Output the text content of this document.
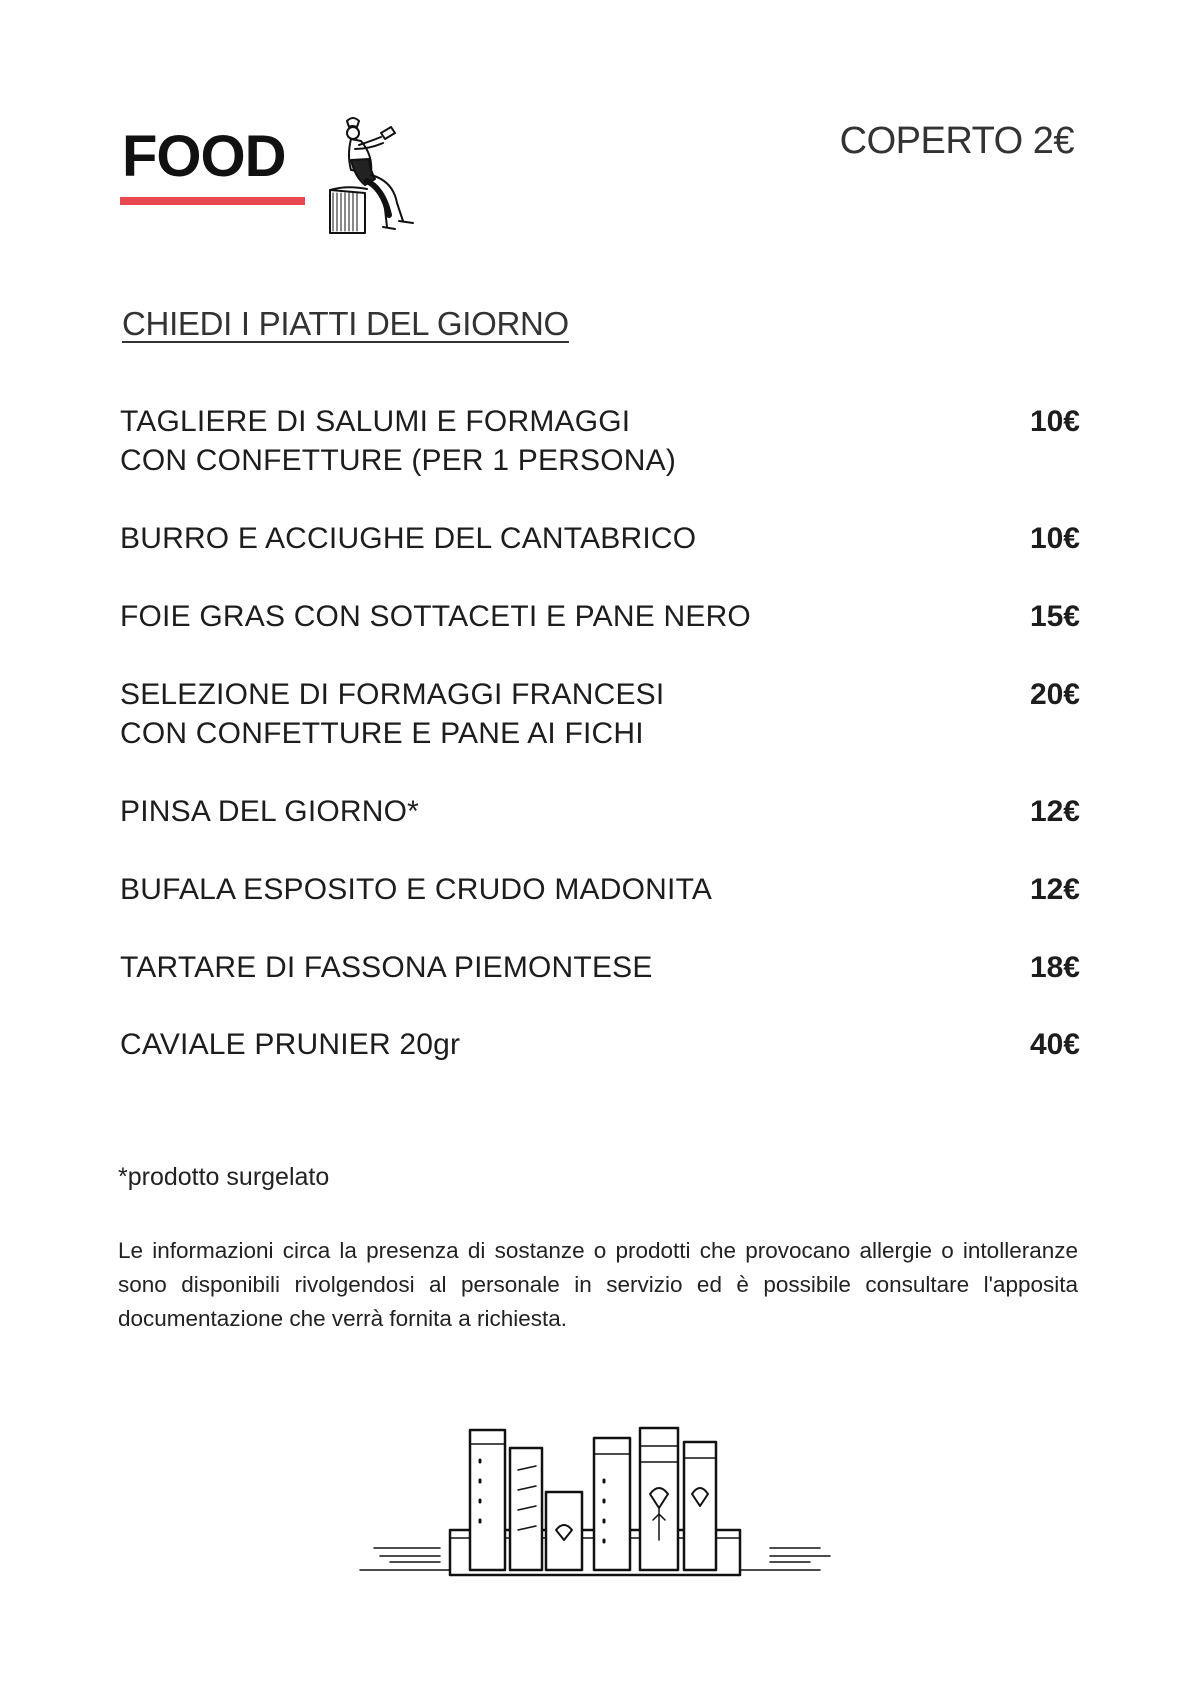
FOOD	COPERTO 2€
CHIEDI I PIATTI DEL GIORNO
TAGLIERE DI SALUMI E FORMAGGI
CON CONFETTURE (PER 1 PERSONA)
10€
BURRO E ACCIUGHE DEL CANTABRICO	10€
FOIE GRAS CON SOTTACETI E PANE NERO	15€
SELEZIONE DI FORMAGGI FRANCESI
CON CONFETTURE E PANE AI FICHI
20€
PINSA DEL GIORNO*	12€
BUFALA ESPOSITO E CRUDO MADONITA	12€
TARTARE DI FASSONA PIEMONTESE	18€
CAVIALE PRUNIER 20gr	40€
*prodotto surgelato
Le informazioni circa la presenza di sostanze o prodotti che provocano allergie o intolleranze sono disponibili rivolgendosi al personale in servizio ed è possibile consultare l'apposita documentazione che verrà fornita a richiesta.
